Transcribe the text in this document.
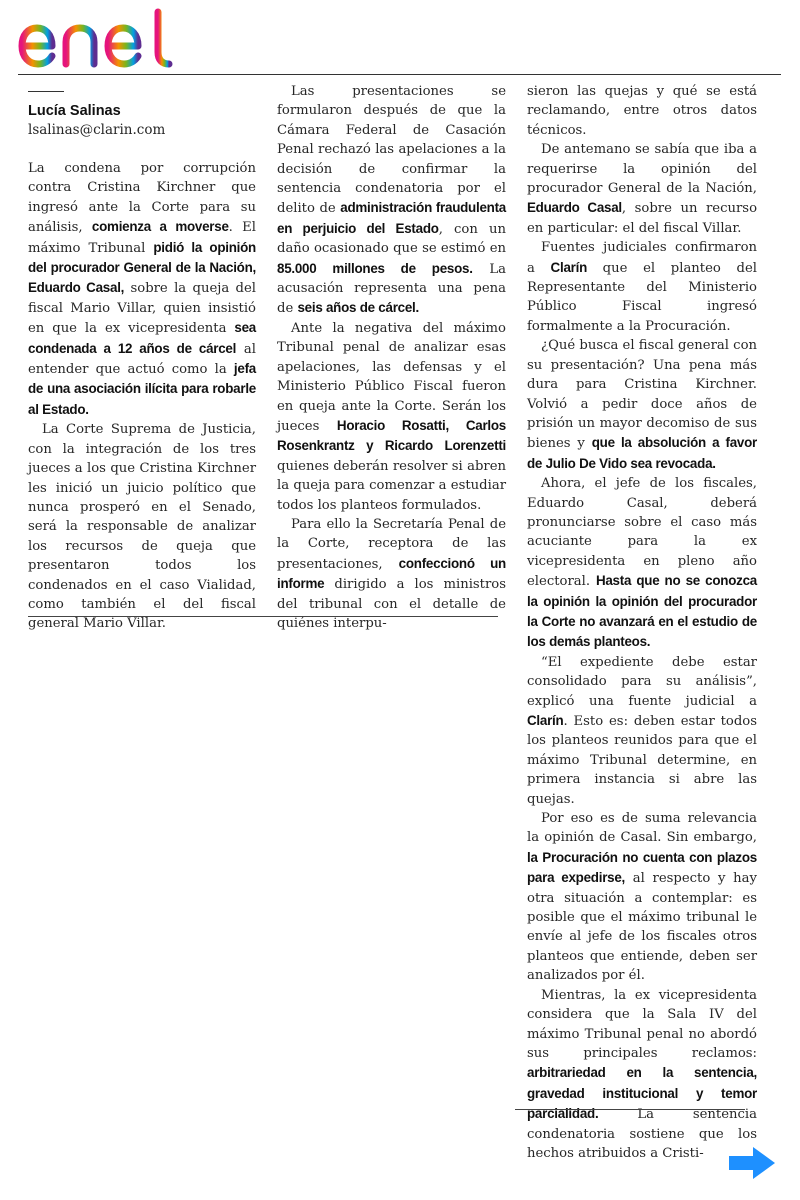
Lucía Salinas
lsalinas@clarin.com

La condena por corrupción contra Cristina Kirchner que ingresó ante la Corte para su análisis, comienza a moverse. El máximo Tribunal pidió la opinión del procurador General de la Nación, Eduardo Casal, sobre la queja del fiscal Mario Villar, quien insistió en que la ex vicepresidenta sea condenada a 12 años de cárcel al entender que actuó como la jefa de una asociación ilícita para robarle al Estado.

La Corte Suprema de Justicia, con la integración de los tres jueces a los que Cristina Kirchner les inició un juicio político que nunca prosperó en el Senado, será la responsable de analizar los recursos de queja que presentaron todos los condenados en el caso Vialidad, como también el del fiscal general Mario Villar.

Las presentaciones se formularon después de que la Cámara Federal de Casación Penal rechazó las apelaciones a la decisión de confirmar la sentencia condenatoria por el delito de administración fraudulenta en perjuicio del Estado, con un daño ocasionado que se estimó en 85.000 millones de pesos. La acusación representa una pena de seis años de cárcel.

Ante la negativa del máximo Tribunal penal de analizar esas apelaciones, las defensas y el Ministerio Público Fiscal fueron en queja ante la Corte. Serán los jueces Horacio Rosatti, Carlos Rosenkrantz y Ricardo Lorenzetti quienes deberán resolver si abren la queja para comenzar a estudiar todos los planteos formulados.

Para ello la Secretaría Penal de la Corte, receptora de las presentaciones, confeccionó un informe dirigido a los ministros del tribunal con el detalle de quiénes interpu-

sieron las quejas y qué se está reclamando, entre otros datos técnicos.

De antemano se sabía que iba a requerirse la opinión del procurador General de la Nación, Eduardo Casal, sobre un recurso en particular: el del fiscal Villar.

Fuentes judiciales confirmaron a Clarín que el planteo del Representante del Ministerio Público Fiscal ingresó formalmente a la Procuración.

¿Qué busca el fiscal general con su presentación? Una pena más dura para Cristina Kirchner. Volvió a pedir doce años de prisión un mayor decomiso de sus bienes y que la absolución a favor de Julio De Vido sea revocada.

Ahora, el jefe de los fiscales, Eduardo Casal, deberá pronunciarse sobre el caso más acuciante para la ex vicepresidenta en pleno año electoral. Hasta que no se conozca la opinión la opinión del procurador la Corte no avanzará en el estudio de los demás planteos.

“El expediente debe estar consolidado para su análisis”, explicó una fuente judicial a Clarín. Esto es: deben estar todos los planteos reunidos para que el máximo Tribunal determine, en primera instancia si abre las quejas.

Por eso es de suma relevancia la opinión de Casal. Sin embargo, la Procuración no cuenta con plazos para expedirse, al respecto y hay otra situación a contemplar: es posible que el máximo tribunal le envíe al jefe de los fiscales otros planteos que entiende, deben ser analizados por él.

Mientras, la ex vicepresidenta considera que la Sala IV del máximo Tribunal penal no abordó sus principales reclamos: arbitrariedad en la sentencia, gravedad institucional y temor parcialidad. La sentencia condenatoria sostiene que los hechos atribuidos a Cristi-
